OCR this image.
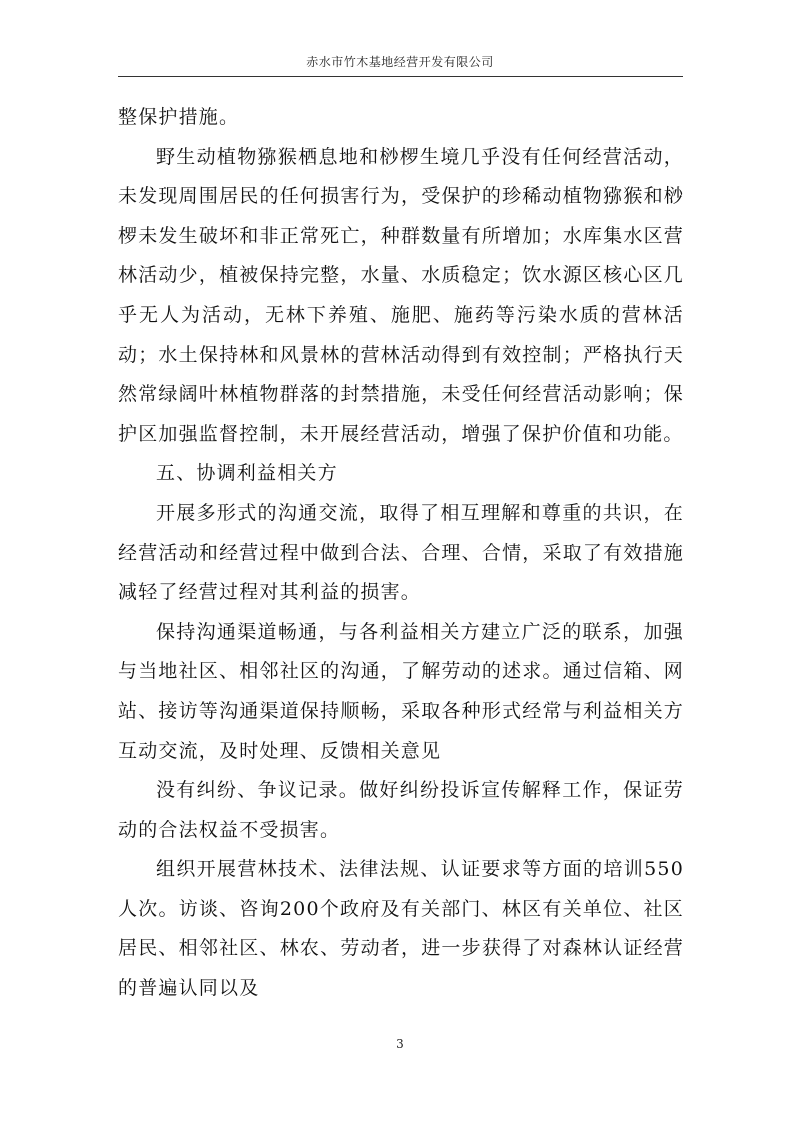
赤水市竹木基地经营开发有限公司

整保护措施。

野生动植物猕猴栖息地和桫椤生境几乎没有任何经营活动，未发现周围居民的任何损害行为，受保护的珍稀动植物猕猴和桫椤未发生破坏和非正常死亡，种群数量有所增加；水库集水区营林活动少，植被保持完整，水量、水质稳定；饮水源区核心区几乎无人为活动，无林下养殖、施肥、施药等污染水质的营林活动；水土保持林和风景林的营林活动得到有效控制；严格执行天然常绿阔叶林植物群落的封禁措施，未受任何经营活动影响；保护区加强监督控制，未开展经营活动，增强了保护价值和功能。

五、协调利益相关方

开展多形式的沟通交流，取得了相互理解和尊重的共识，在经营活动和经营过程中做到合法、合理、合情，采取了有效措施减轻了经营过程对其利益的损害。

保持沟通渠道畅通，与各利益相关方建立广泛的联系，加强与当地社区、相邻社区的沟通，了解劳动的述求。通过信箱、网站、接访等沟通渠道保持顺畅，采取各种形式经常与利益相关方互动交流，及时处理、反馈相关意见

没有纠纷、争议记录。做好纠纷投诉宣传解释工作，保证劳动的合法权益不受损害。

组织开展营林技术、法律法规、认证要求等方面的培训550人次。访谈、咨询200个政府及有关部门、林区有关单位、社区居民、相邻社区、林农、劳动者，进一步获得了对森林认证经营的普遍认同以及

3
